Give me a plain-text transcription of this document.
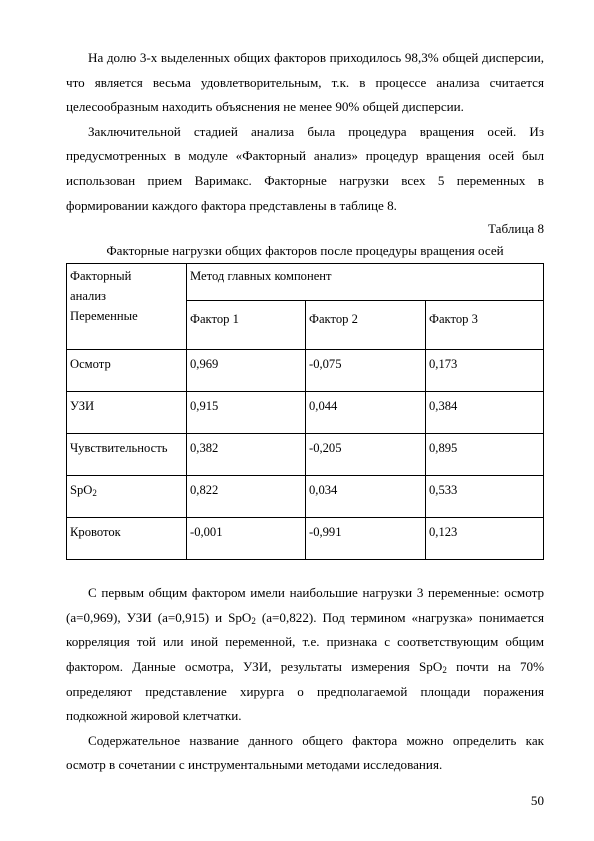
На долю 3-х выделенных общих факторов приходилось 98,3% общей дисперсии, что является весьма удовлетворительным, т.к. в процессе анализа считается целесообразным находить объяснения не менее 90% общей дисперсии.

Заключительной стадией анализа была процедура вращения осей. Из предусмотренных в модуле «Факторный анализ» процедур вращения осей был использован прием Варимакс. Факторные нагрузки всех 5 переменных в формировании каждого фактора представлены в таблице 8.

Таблица 8
Факторные нагрузки общих факторов после процедуры вращения осей
Факторный
анализ
Переменные	Метод главных компонент		
	Фактор 1	Фактор 2	Фактор 3
Осмотр	0,969	-0,075	0,173
УЗИ	0,915	0,044	0,384
Чувствительность	0,382	-0,205	0,895
SpO$_2$	0,822	0,034	0,533
Кровоток	-0,001	-0,991	0,123

С первым общим фактором имели наибольшие нагрузки 3 переменные: осмотр (а=0,969), УЗИ (а=0,915) и SpO$_2$ (а=0,822). Под термином «нагрузка» понимается корреляция той или иной переменной, т.е. признака с соответствующим общим фактором. Данные осмотра, УЗИ, результаты измерения SpO$_2$ почти на 70% определяют представление хирурга о предполагаемой площади поражения подкожной жировой клетчатки.

Содержательное название данного общего фактора можно определить как осмотр в сочетании с инструментальными методами исследования.

50
